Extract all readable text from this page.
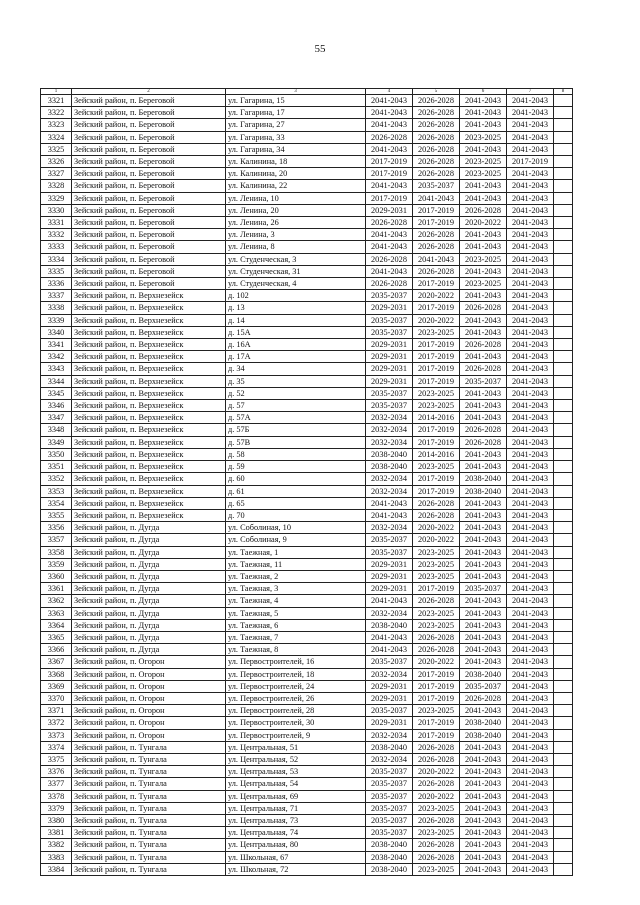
55
1	2	3	4	5	6	7	8
3321	Зейский район, п. Береговой	ул. Гагарина, 15	2041-2043	2026-2028	2041-2043	2041-2043	
3322	Зейский район, п. Береговой	ул. Гагарина, 17	2041-2043	2026-2028	2041-2043	2041-2043	
3323	Зейский район, п. Береговой	ул. Гагарина, 27	2041-2043	2026-2028	2041-2043	2041-2043	
3324	Зейский район, п. Береговой	ул. Гагарина, 33	2026-2028	2026-2028	2023-2025	2041-2043	
3325	Зейский район, п. Береговой	ул. Гагарина, 34	2041-2043	2026-2028	2041-2043	2041-2043	
3326	Зейский район, п. Береговой	ул. Калинина, 18	2017-2019	2026-2028	2023-2025	2017-2019	
3327	Зейский район, п. Береговой	ул. Калинина, 20	2017-2019	2026-2028	2023-2025	2041-2043	
3328	Зейский район, п. Береговой	ул. Калинина, 22	2041-2043	2035-2037	2041-2043	2041-2043	
3329	Зейский район, п. Береговой	ул. Ленина, 10	2017-2019	2041-2043	2041-2043	2041-2043	
3330	Зейский район, п. Береговой	ул. Ленина, 20	2029-2031	2017-2019	2026-2028	2041-2043	
3331	Зейский район, п. Береговой	ул. Ленина, 26	2026-2028	2017-2019	2020-2022	2041-2043	
3332	Зейский район, п. Береговой	ул. Ленина, 3	2041-2043	2026-2028	2041-2043	2041-2043	
3333	Зейский район, п. Береговой	ул. Ленина, 8	2041-2043	2026-2028	2041-2043	2041-2043	
3334	Зейский район, п. Береговой	ул. Студенческая, 3	2026-2028	2041-2043	2023-2025	2041-2043	
3335	Зейский район, п. Береговой	ул. Студенческая, 31	2041-2043	2026-2028	2041-2043	2041-2043	
3336	Зейский район, п. Береговой	ул. Студенческая, 4	2026-2028	2017-2019	2023-2025	2041-2043	
3337	Зейский район, п. Верхнезейск	д. 102	2035-2037	2020-2022	2041-2043	2041-2043	
3338	Зейский район, п. Верхнезейск	д. 13	2029-2031	2017-2019	2026-2028	2041-2043	
3339	Зейский район, п. Верхнезейск	д. 14	2035-2037	2020-2022	2041-2043	2041-2043	
3340	Зейский район, п. Верхнезейск	д. 15А	2035-2037	2023-2025	2041-2043	2041-2043	
3341	Зейский район, п. Верхнезейск	д. 16А	2029-2031	2017-2019	2026-2028	2041-2043	
3342	Зейский район, п. Верхнезейск	д. 17А	2029-2031	2017-2019	2041-2043	2041-2043	
3343	Зейский район, п. Верхнезейск	д. 34	2029-2031	2017-2019	2026-2028	2041-2043	
3344	Зейский район, п. Верхнезейск	д. 35	2029-2031	2017-2019	2035-2037	2041-2043	
3345	Зейский район, п. Верхнезейск	д. 52	2035-2037	2023-2025	2041-2043	2041-2043	
3346	Зейский район, п. Верхнезейск	д. 57	2035-2037	2023-2025	2041-2043	2041-2043	
3347	Зейский район, п. Верхнезейск	д. 57А	2032-2034	2014-2016	2041-2043	2041-2043	
3348	Зейский район, п. Верхнезейск	д. 57Б	2032-2034	2017-2019	2026-2028	2041-2043	
3349	Зейский район, п. Верхнезейск	д. 57В	2032-2034	2017-2019	2026-2028	2041-2043	
3350	Зейский район, п. Верхнезейск	д. 58	2038-2040	2014-2016	2041-2043	2041-2043	
3351	Зейский район, п. Верхнезейск	д. 59	2038-2040	2023-2025	2041-2043	2041-2043	
3352	Зейский район, п. Верхнезейск	д. 60	2032-2034	2017-2019	2038-2040	2041-2043	
3353	Зейский район, п. Верхнезейск	д. 61	2032-2034	2017-2019	2038-2040	2041-2043	
3354	Зейский район, п. Верхнезейск	д. 65	2041-2043	2026-2028	2041-2043	2041-2043	
3355	Зейский район, п. Верхнезейск	д. 70	2041-2043	2026-2028	2041-2043	2041-2043	
3356	Зейский район, п. Дугда	ул. Соболиная, 10	2032-2034	2020-2022	2041-2043	2041-2043	
3357	Зейский район, п. Дугда	ул. Соболиная, 9	2035-2037	2020-2022	2041-2043	2041-2043	
3358	Зейский район, п. Дугда	ул. Таежная, 1	2035-2037	2023-2025	2041-2043	2041-2043	
3359	Зейский район, п. Дугда	ул. Таежная, 11	2029-2031	2023-2025	2041-2043	2041-2043	
3360	Зейский район, п. Дугда	ул. Таежная, 2	2029-2031	2023-2025	2041-2043	2041-2043	
3361	Зейский район, п. Дугда	ул. Таежная, 3	2029-2031	2017-2019	2035-2037	2041-2043	
3362	Зейский район, п. Дугда	ул. Таежная, 4	2041-2043	2026-2028	2041-2043	2041-2043	
3363	Зейский район, п. Дугда	ул. Таежная, 5	2032-2034	2023-2025	2041-2043	2041-2043	
3364	Зейский район, п. Дугда	ул. Таежная, 6	2038-2040	2023-2025	2041-2043	2041-2043	
3365	Зейский район, п. Дугда	ул. Таежная, 7	2041-2043	2026-2028	2041-2043	2041-2043	
3366	Зейский район, п. Дугда	ул. Таежная, 8	2041-2043	2026-2028	2041-2043	2041-2043	
3367	Зейский район, п. Огорон	ул. Первостроителей, 16	2035-2037	2020-2022	2041-2043	2041-2043	
3368	Зейский район, п. Огорон	ул. Первостроителей, 18	2032-2034	2017-2019	2038-2040	2041-2043	
3369	Зейский район, п. Огорон	ул. Первостроителей, 24	2029-2031	2017-2019	2035-2037	2041-2043	
3370	Зейский район, п. Огорон	ул. Первостроителей, 26	2029-2031	2017-2019	2026-2028	2041-2043	
3371	Зейский район, п. Огорон	ул. Первостроителей, 28	2035-2037	2023-2025	2041-2043	2041-2043	
3372	Зейский район, п. Огорон	ул. Первостроителей, 30	2029-2031	2017-2019	2038-2040	2041-2043	
3373	Зейский район, п. Огорон	ул. Первостроителей, 9	2032-2034	2017-2019	2038-2040	2041-2043	
3374	Зейский район, п. Тунгала	ул. Центральная, 51	2038-2040	2026-2028	2041-2043	2041-2043	
3375	Зейский район, п. Тунгала	ул. Центральная, 52	2032-2034	2026-2028	2041-2043	2041-2043	
3376	Зейский район, п. Тунгала	ул. Центральная, 53	2035-2037	2020-2022	2041-2043	2041-2043	
3377	Зейский район, п. Тунгала	ул. Центральная, 54	2035-2037	2026-2028	2041-2043	2041-2043	
3378	Зейский район, п. Тунгала	ул. Центральная, 69	2035-2037	2020-2022	2041-2043	2041-2043	
3379	Зейский район, п. Тунгала	ул. Центральная, 71	2035-2037	2023-2025	2041-2043	2041-2043	
3380	Зейский район, п. Тунгала	ул. Центральная, 73	2035-2037	2026-2028	2041-2043	2041-2043	
3381	Зейский район, п. Тунгала	ул. Центральная, 74	2035-2037	2023-2025	2041-2043	2041-2043	
3382	Зейский район, п. Тунгала	ул. Центральная, 80	2038-2040	2026-2028	2041-2043	2041-2043	
3383	Зейский район, п. Тунгала	ул. Школьная, 67	2038-2040	2026-2028	2041-2043	2041-2043	
3384	Зейский район, п. Тунгала	ул. Школьная, 72	2038-2040	2023-2025	2041-2043	2041-2043	
